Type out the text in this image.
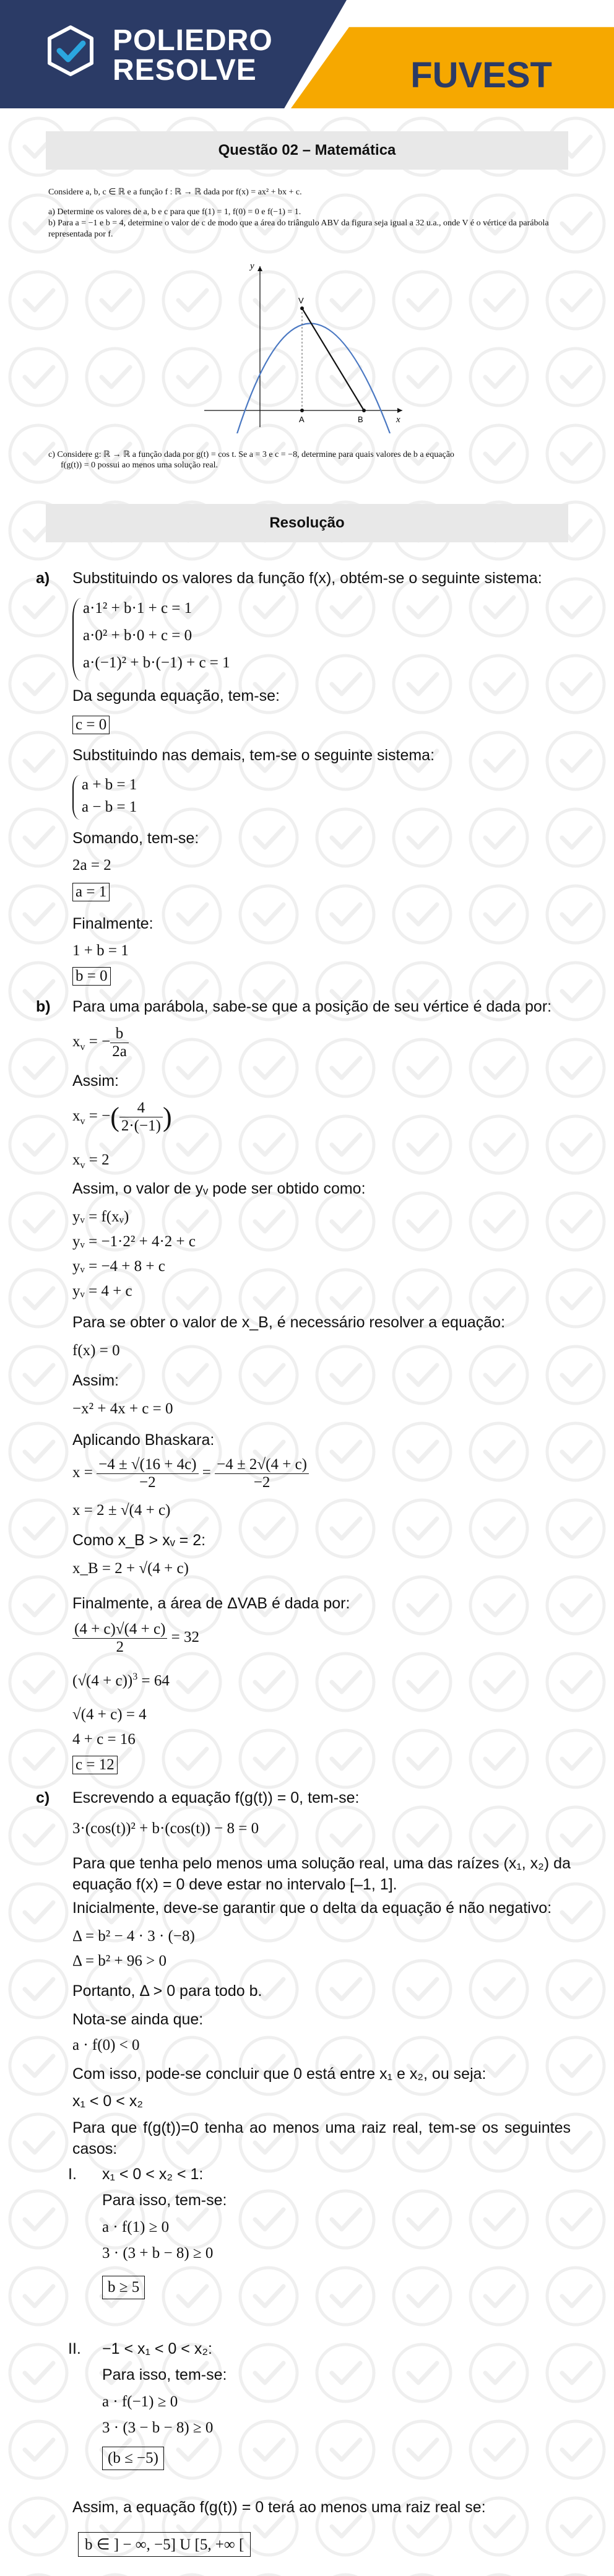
POLIEDRO
RESOLVE	FUVEST
Questão 02 – Matemática
Considere a, b, c ∈ ℝ e a função f : ℝ → ℝ dada por f(x) = ax² + bx + c.
a) Determine os valores de a, b e c para que f(1) = 1, f(0) = 0 e f(−1) = 1.
b) Para a = −1 e b = 4, determine o valor de c de modo que a área do triângulo ABV da figura seja igual a 32 u.a., onde V é o vértice da parábola representada por f.
y
x
V
A	B
c) Considere g: ℝ → ℝ a função dada por g(t) = cos t. Se a = 3 e c = −8, determine para quais valores de b a equação
f(g(t)) = 0 possui ao menos uma solução real.
Resolução
a) Substituindo os valores da função f(x), obtém-se o seguinte sistema:
a·1² + b·1 + c = 1
a·0² + b·0 + c = 0
a·(−1)² + b·(−1) + c = 1
Da segunda equação, tem-se:
c = 0
Substituindo nas demais, tem-se o seguinte sistema:
a + b = 1
a − b = 1
Somando, tem-se:
2a = 2
a = 1
Finalmente:
1 + b = 1
b = 0
b) Para uma parábola, sabe-se que a posição de seu vértice é dada por:
$x_v$ = − $\frac{b}{2a}$
Assim:
$x_v$ = −( $\frac{4}{2\cdot(-1)}$ )
$x_v = 2$
Assim, o valor de yᵥ pode ser obtido como:
yᵥ = f(xᵥ)
yᵥ = −1·2² + 4·2 + c
yᵥ = −4 + 8 + c
yᵥ = 4 + c
Para se obter o valor de x_B, é necessário resolver a equação:
f(x) = 0
Assim:
−x² + 4x + c = 0
Aplicando Bhaskara:
$x = \frac{-4 \pm √(16 + 4c)}{-2} = \frac{-4 \pm 2√(4 + c)}{-2}$
x = 2 ± √(4 + c)
Como x_B > xᵥ = 2:
x_B = 2 + √(4 + c)
Finalmente, a área de ΔVAB é dada por:
$\frac{(4 + c)√(4 + c)}{2} = 32$
$(√(4 + c))^3 = 64$
√(4 + c) = 4
4 + c = 16
c = 12
c) Escrevendo a equação f(g(t)) = 0, tem-se:
3·(cos(t))² + b·(cos(t)) − 8 = 0
Para que tenha pelo menos uma solução real, uma das raízes (x₁, x₂) da equação f(x) = 0 deve estar no intervalo [–1, 1].
Inicialmente, deve-se garantir que o delta da equação é não negativo:
Δ = b² − 4 · 3 · (−8)
Δ = b² + 96 > 0
Portanto, Δ > 0 para todo b.
Nota-se ainda que:
a · f(0) < 0
Com isso, pode-se concluir que 0 está entre x₁ e x₂, ou seja:
x₁ < 0 < x₂
Para que f(g(t))=0 tenha ao menos uma raiz real, tem-se os seguintes casos:
I. x₁ < 0 < x₂ < 1:
Para isso, tem-se:
a · f(1) ≥ 0
3 · (3 + b − 8) ≥ 0
b ≥ 5
II. −1 < x₁ < 0 < x₂:
Para isso, tem-se:
a · f(−1) ≥ 0
3 · (3 − b − 8) ≥ 0
(b ≤ −5)
Assim, a equação f(g(t)) = 0 terá ao menos uma raiz real se:
b ∈ ] − ∞, −5] U [5, +∞ [
